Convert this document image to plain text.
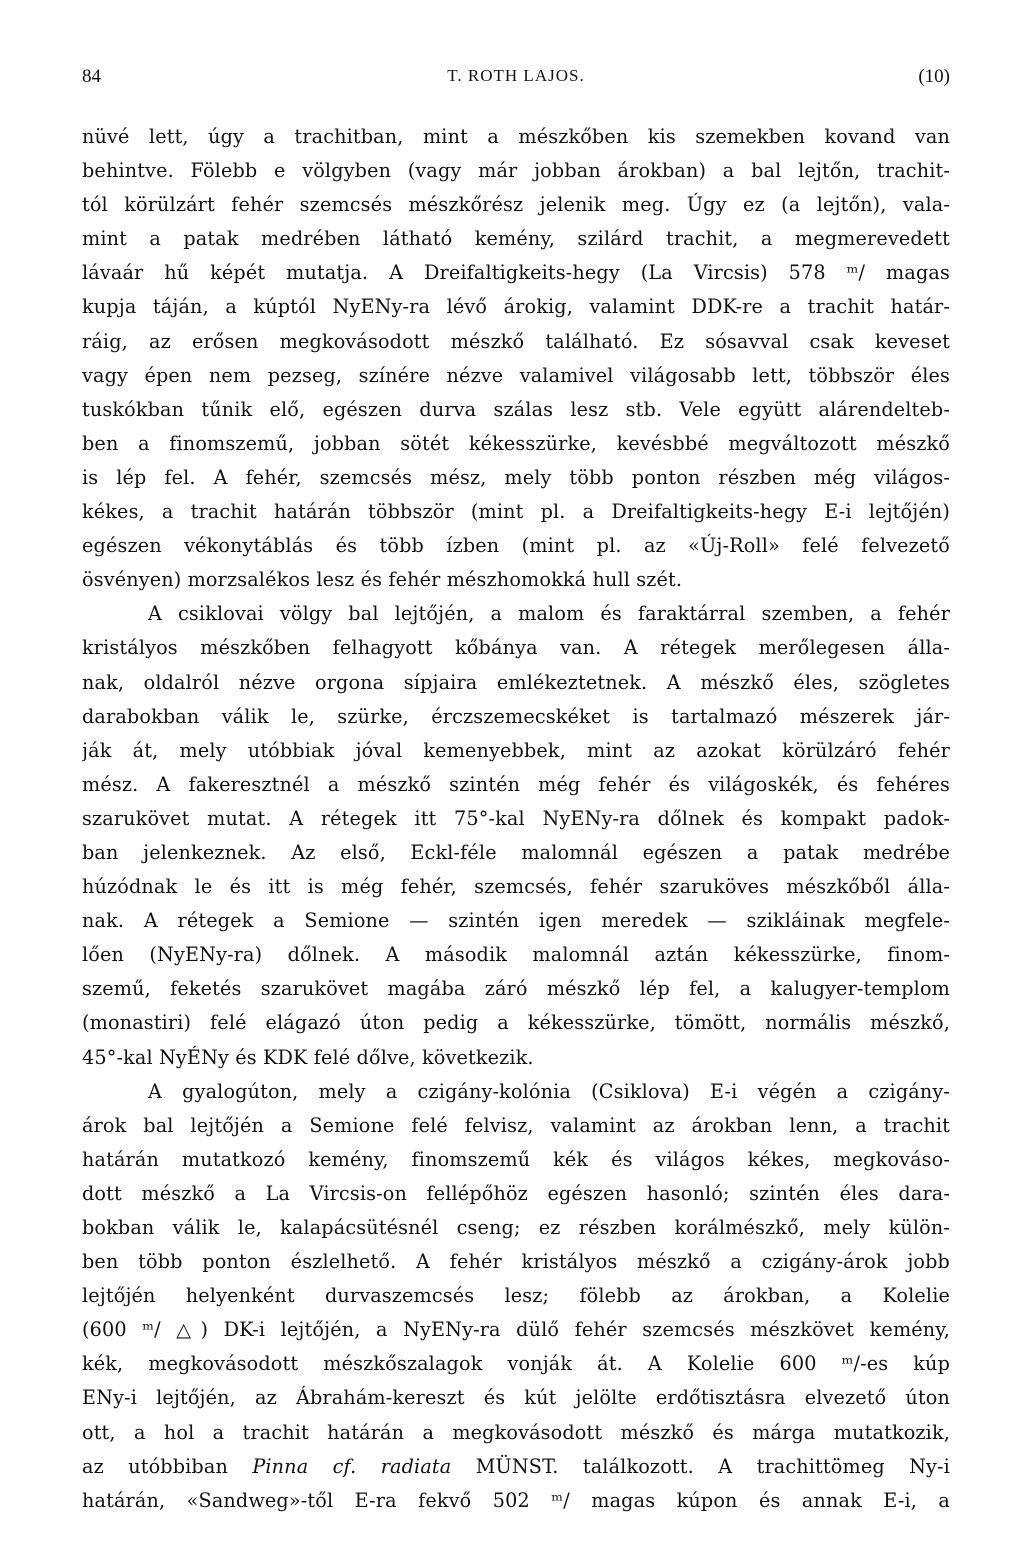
84	T. ROTH LAJOS.	(10)
nüvé lett, úgy a trachitban, mint a mészkőben kis szemekben kovand van
behintve. Fölebb e völgyben (vagy már jobban árokban) a bal lejtőn, trachit-
tól körülzárt fehér szemcsés mészkőrész jelenik meg. Úgy ez (a lejtőn), vala-
mint a patak medrében látható kemény, szilárd trachit, a megmerevedett
lávaár hű képét mutatja. A Dreifaltigkeits-hegy (La Vircsis) 578 ᵐ/ magas
kupja táján, a kúptól NyENy-ra lévő árokig, valamint DDK-re a trachit határ-
ráig, az erősen megkovásodott mészkő található. Ez sósavval csak keveset
vagy épen nem pezseg, színére nézve valamivel világosabb lett, többször éles
tuskókban tűnik elő, egészen durva szálas lesz stb. Vele együtt alárendelteb-
ben a finomszemű, jobban sötét kékesszürke, kevésbbé megváltozott mészkő
is lép fel. A fehér, szemcsés mész, mely több ponton részben még világos-
kékes, a trachit határán többször (mint pl. a Dreifaltigkeits-hegy E-i lejtőjén)
egészen vékonytáblás és több ízben (mint pl. az «Új-Roll» felé felvezető
ösvényen) morzsalékos lesz és fehér mészhomokká hull szét.
A csiklovai völgy bal lejtőjén, a malom és faraktárral szemben, a fehér
kristályos mészkőben felhagyott kőbánya van. A rétegek merőlegesen álla-
nak, oldalról nézve orgona sípjaira emlékeztetnek. A mészkő éles, szögletes
darabokban válik le, szürke, érczszemecskéket is tartalmazó mészerek jár-
ják át, mely utóbbiak jóval kemenyebbek, mint az azokat körülzáró fehér
mész. A fakeresztnél a mészkő szintén még fehér és világoskék, és fehéres
szarukövet mutat. A rétegek itt 75°-kal NyENy-ra dőlnek és kompakt padok-
ban jelenkeznek. Az első, Eckl-féle malomnál egészen a patak medrébe
húzódnak le és itt is még fehér, szemcsés, fehér szaruköves mészkőből álla-
nak. A rétegek a Semione — szintén igen meredek — szikláinak megfele-
lően (NyENy-ra) dőlnek. A második malomnál aztán kékesszürke, finom-
szemű, feketés szarukövet magába záró mészkő lép fel, a kalugyer-templom
(monastiri) felé elágazó úton pedig a kékesszürke, tömött, normális mészkő,
45°-kal NyÉNy és KDK felé dőlve, következik.
A gyalogúton, mely a czigány-kolónia (Csiklova) E-i végén a czigány-
árok bal lejtőjén a Semione felé felvisz, valamint az árokban lenn, a trachit
határán mutatkozó kemény, finomszemű kék és világos kékes, megkováso-
dott mészkő a La Vircsis-on fellépőhöz egészen hasonló; szintén éles dara-
bokban válik le, kalapácsütésnél cseng; ez részben korálmészkő, mely külön-
ben több ponton észlelhető. A fehér kristályos mészkő a czigány-árok jobb
lejtőjén helyenként durvaszemcsés lesz; fölebb az árokban, a Kolelie
(600 ᵐ/ △) DK-i lejtőjén, a NyENy-ra dülő fehér szemcsés mészkövet kemény,
kék, megkovásodott mészkőszalagok vonják át. A Kolelie 600 ᵐ/-es kúp
ENy-i lejtőjén, az Ábrahám-kereszt és kút jelölte erdőtisztásra elvezető úton
ott, a hol a trachit határán a megkovásodott mészkő és márga mutatkozik,
az utóbbiban Pinna cf. radiata MÜNST. találkozott. A trachittömeg Ny-i
határán, «Sandweg»-től E-ra fekvő 502 ᵐ/ magas kúpon és annak E-i, a
